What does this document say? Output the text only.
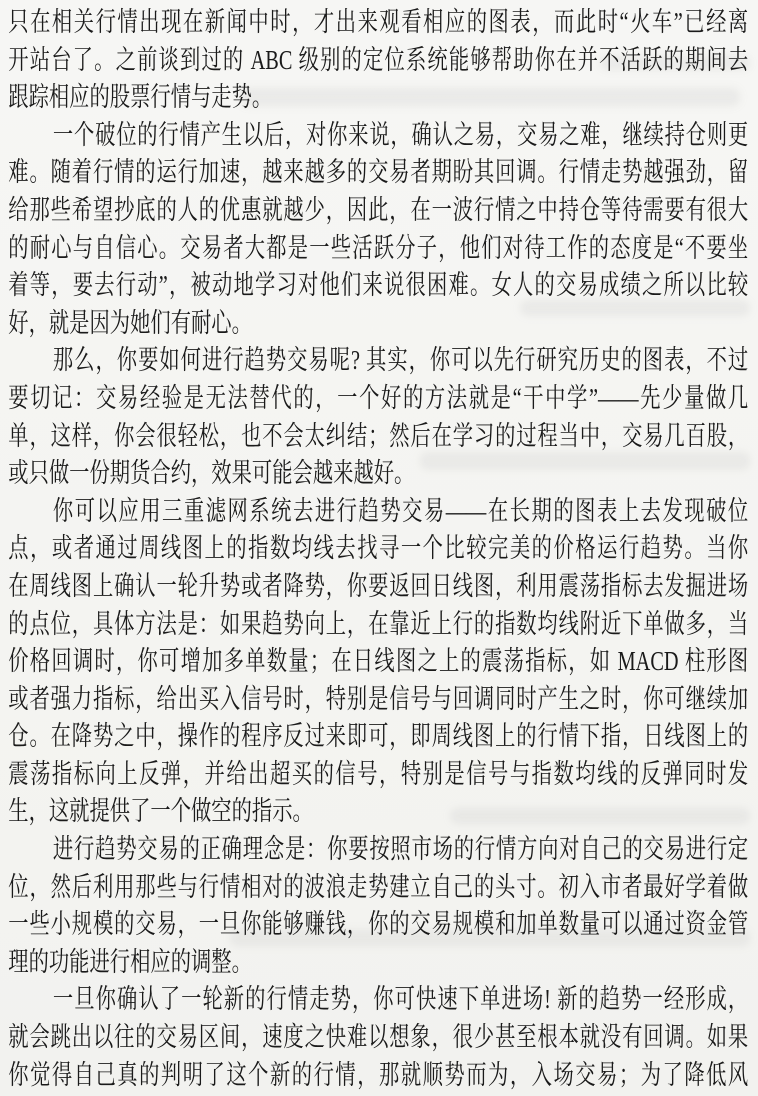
只在相关行情出现在新闻中时，才出来观看相应的图表，而此时“火车”已经离
开站台了。之前谈到过的 ABC 级别的定位系统能够帮助你在并不活跃的期间去
跟踪相应的股票行情与走势。
一个破位的行情产生以后，对你来说，确认之易，交易之难，继续持仓则更
难。随着行情的运行加速，越来越多的交易者期盼其回调。行情走势越强劲，留
给那些希望抄底的人的优惠就越少，因此，在一波行情之中持仓等待需要有很大
的耐心与自信心。交易者大都是一些活跃分子，他们对待工作的态度是“不要坐
着等，要去行动”，被动地学习对他们来说很困难。女人的交易成绩之所以比较
好，就是因为她们有耐心。
那么，你要如何进行趋势交易呢? 其实，你可以先行研究历史的图表，不过
要切记：交易经验是无法替代的，一个好的方法就是“干中学”——先少量做几
单，这样，你会很轻松，也不会太纠结；然后在学习的过程当中，交易几百股，
或只做一份期货合约，效果可能会越来越好。
你可以应用三重滤网系统去进行趋势交易——在长期的图表上去发现破位
点，或者通过周线图上的指数均线去找寻一个比较完美的价格运行趋势。当你
在周线图上确认一轮升势或者降势，你要返回日线图，利用震荡指标去发掘进场
的点位，具体方法是：如果趋势向上，在靠近上行的指数均线附近下单做多，当
价格回调时，你可增加多单数量；在日线图之上的震荡指标，如 MACD 柱形图
或者强力指标，给出买入信号时，特别是信号与回调同时产生之时，你可继续加
仓。在降势之中，操作的程序反过来即可，即周线图上的行情下指，日线图上的
震荡指标向上反弹，并给出超买的信号，特别是信号与指数均线的反弹同时发
生，这就提供了一个做空的指示。
进行趋势交易的正确理念是：你要按照市场的行情方向对自己的交易进行定
位，然后利用那些与行情相对的波浪走势建立自己的头寸。初入市者最好学着做
一些小规模的交易，一旦你能够赚钱，你的交易规模和加单数量可以通过资金管
理的功能进行相应的调整。
一旦你确认了一轮新的行情走势，你可快速下单进场! 新的趋势一经形成，
就会跳出以往的交易区间，速度之快难以想象，很少甚至根本就没有回调。如果
你觉得自己真的判明了这个新的行情，那就顺势而为，入场交易；为了降低风
